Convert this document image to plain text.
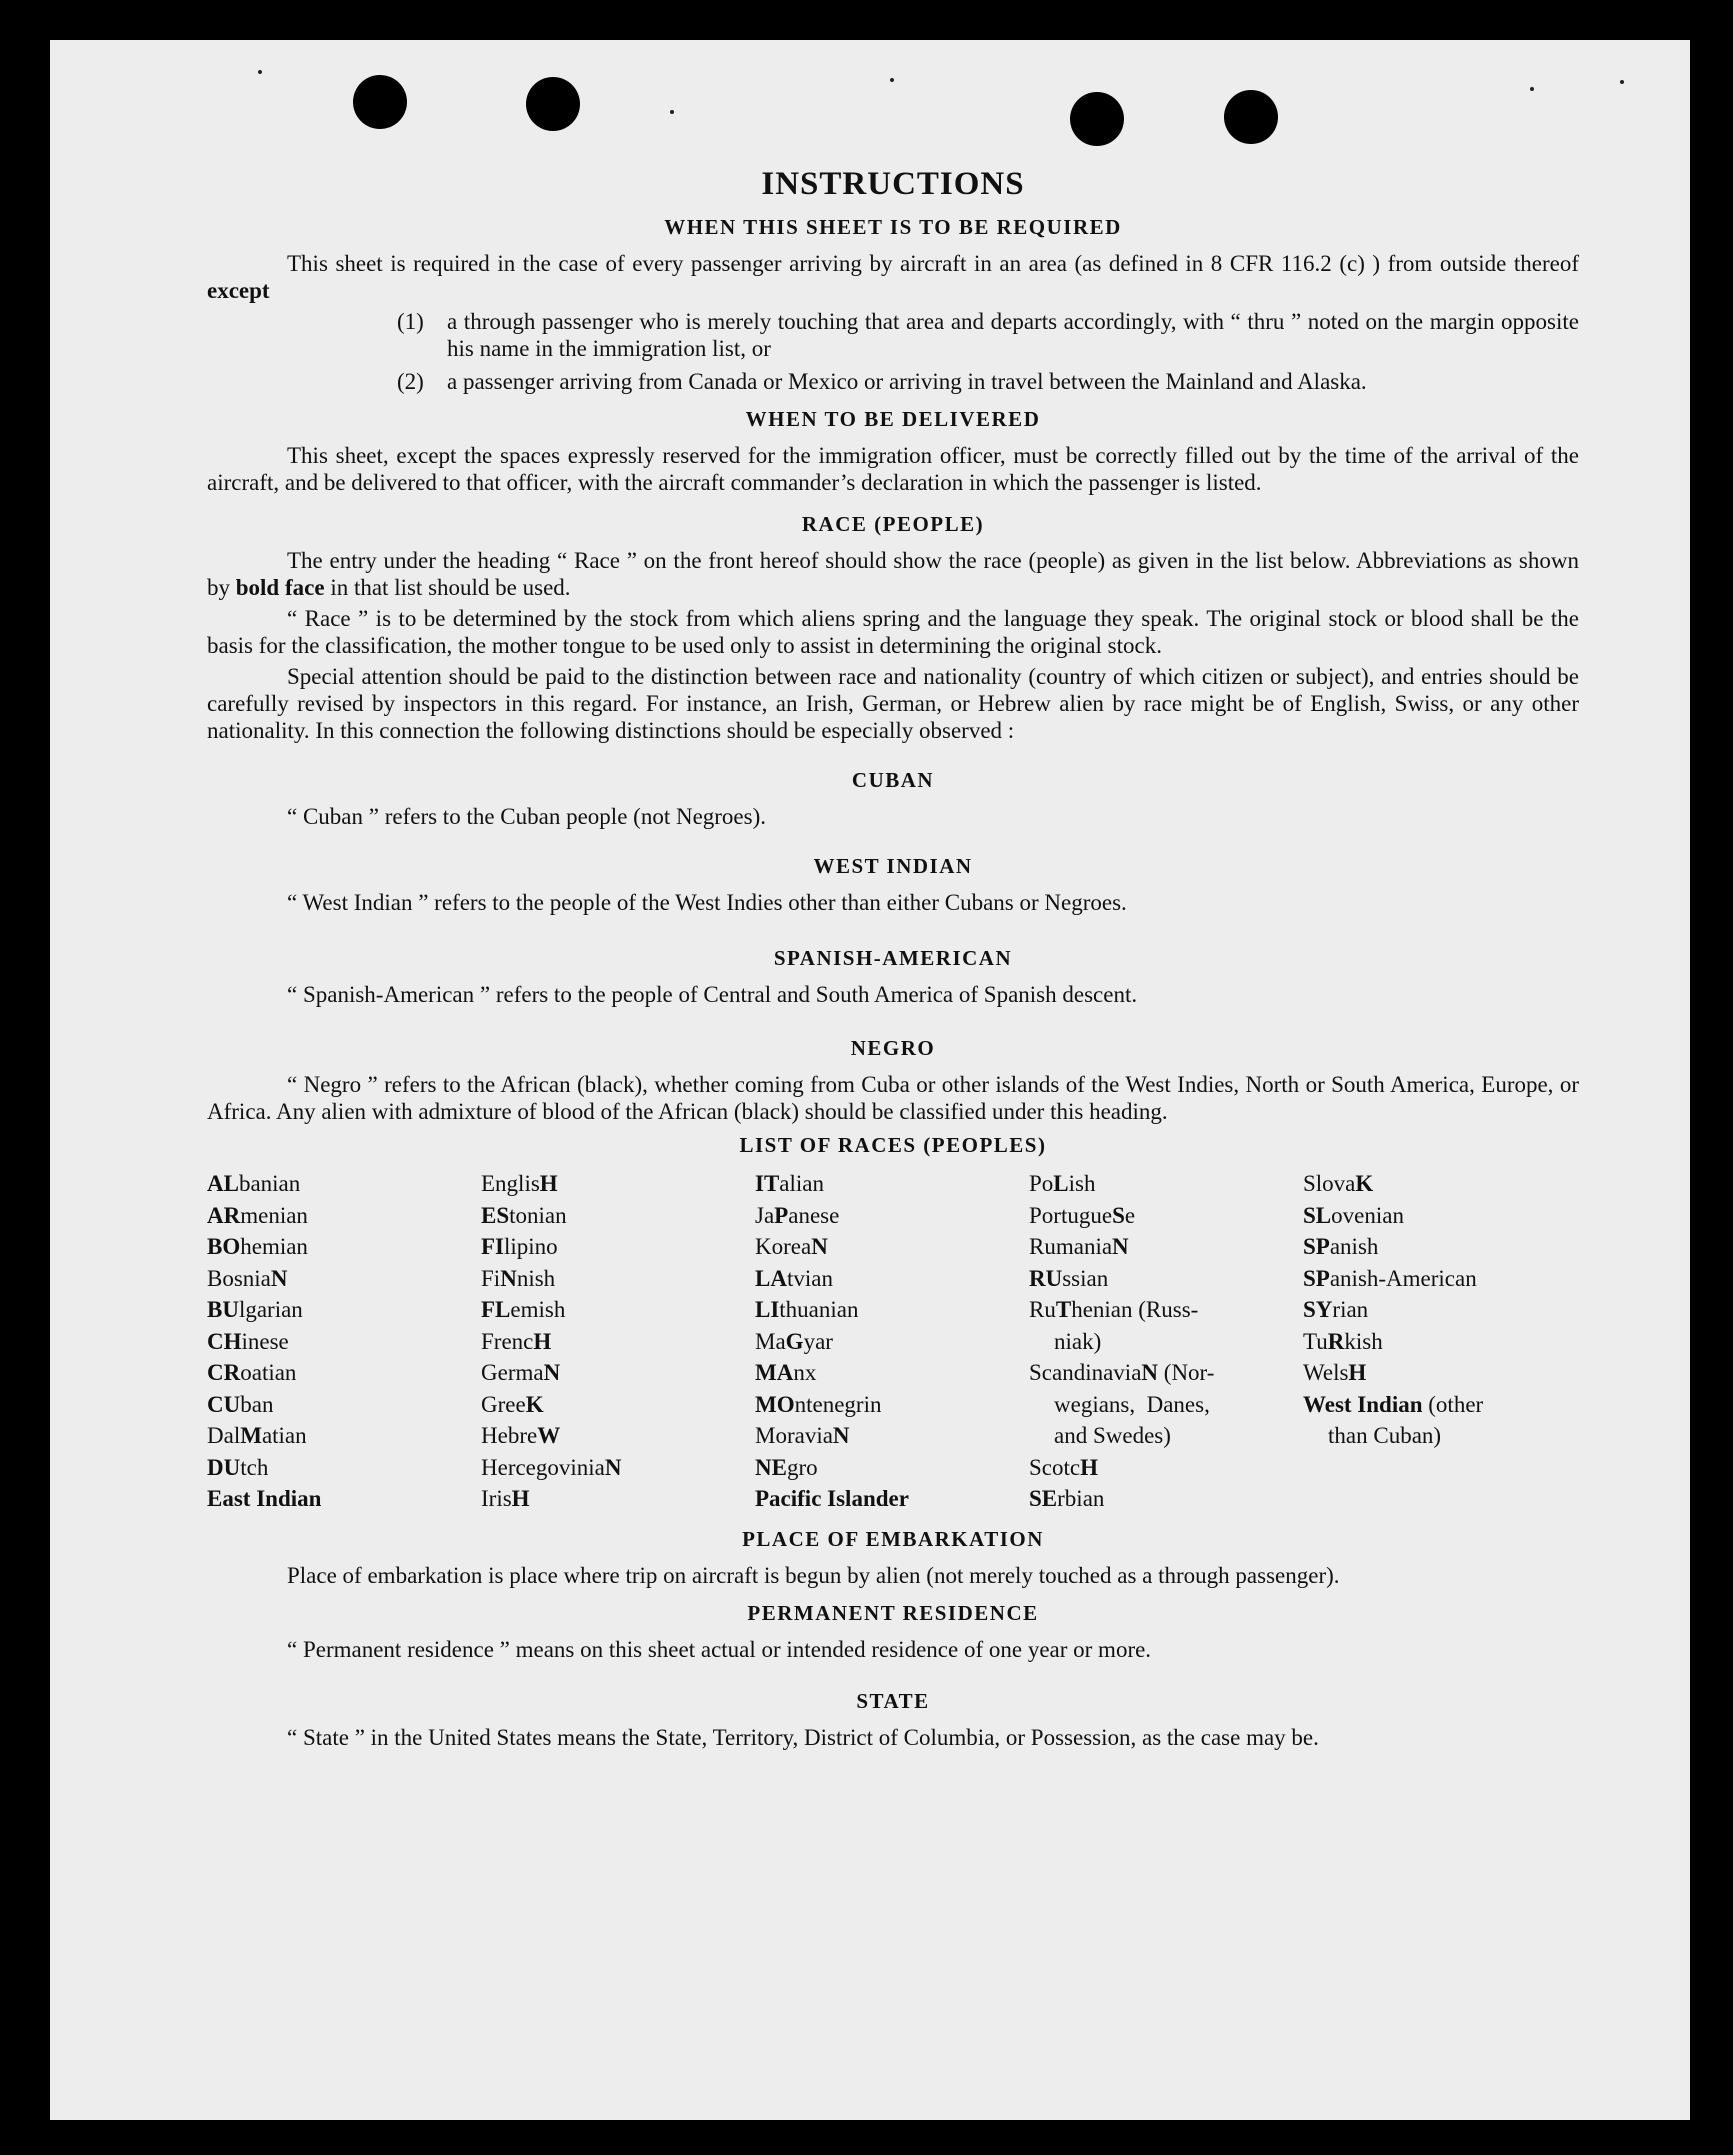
INSTRUCTIONS
WHEN THIS SHEET IS TO BE REQUIRED
This sheet is required in the case of every passenger arriving by aircraft in an area (as defined in 8 CFR 116.2 (c) ) from outside thereof except
(1) a through passenger who is merely touching that area and departs accordingly, with “ thru ” noted on the margin opposite his name in the immigration list, or
(2) a passenger arriving from Canada or Mexico or arriving in travel between the Mainland and Alaska.
WHEN TO BE DELIVERED
This sheet, except the spaces expressly reserved for the immigration officer, must be correctly filled out by the time of the arrival of the aircraft, and be delivered to that officer, with the aircraft commander’s declaration in which the passenger is listed.
RACE (PEOPLE)
The entry under the heading “ Race ” on the front hereof should show the race (people) as given in the list below. Abbreviations as shown by bold face in that list should be used.
“ Race ” is to be determined by the stock from which aliens spring and the language they speak. The original stock or blood shall be the basis for the classification, the mother tongue to be used only to assist in determining the original stock.
Special attention should be paid to the distinction between race and nationality (country of which citizen or subject), and entries should be carefully revised by inspectors in this regard. For instance, an Irish, German, or Hebrew alien by race might be of English, Swiss, or any other nationality. In this connection the following distinctions should be especially observed :
CUBAN
“ Cuban ” refers to the Cuban people (not Negroes).
WEST INDIAN
“ West Indian ” refers to the people of the West Indies other than either Cubans or Negroes.
SPANISH-AMERICAN
“ Spanish-American ” refers to the people of Central and South America of Spanish descent.
NEGRO
“ Negro ” refers to the African (black), whether coming from Cuba or other islands of the West Indies, North or South America, Europe, or Africa. Any alien with admixture of blood of the African (black) should be classified under this heading.
LIST OF RACES (PEOPLES)
ALbanian
ARmenian
BOhemian
BosniaN
BUlgarian
CHinese
CRoatian
CUban
DalMatian
DUtch
East Indian
EnglisH
EStonian
FIlipino
FiNnish
FLemish
FrencH
GermaN
GreeK
HebreW
HercegoviniaN
IrisH
ITalian
JaPanese
KoreaN
LAtvian
LIthuanian
MaGyar
MAnx
MOntenegrin
MoraviaN
NEgro
Pacific Islander
PoLish
PortugueSe
RumaniaN
RUssian
RuThenian (Russ-
niak)
ScandinaviaN (Nor-
wegians,  Danes,
and Swedes)
ScotcH
SErbian
SlovaK
SLovenian
SPanish
SPanish-American
SYrian
TuRkish
WelsH
West Indian (other
than Cuban)
PLACE OF EMBARKATION
Place of embarkation is place where trip on aircraft is begun by alien (not merely touched as a through passenger).
PERMANENT RESIDENCE
“ Permanent residence ” means on this sheet actual or intended residence of one year or more.
STATE
“ State ” in the United States means the State, Territory, District of Columbia, or Possession, as the case may be.
